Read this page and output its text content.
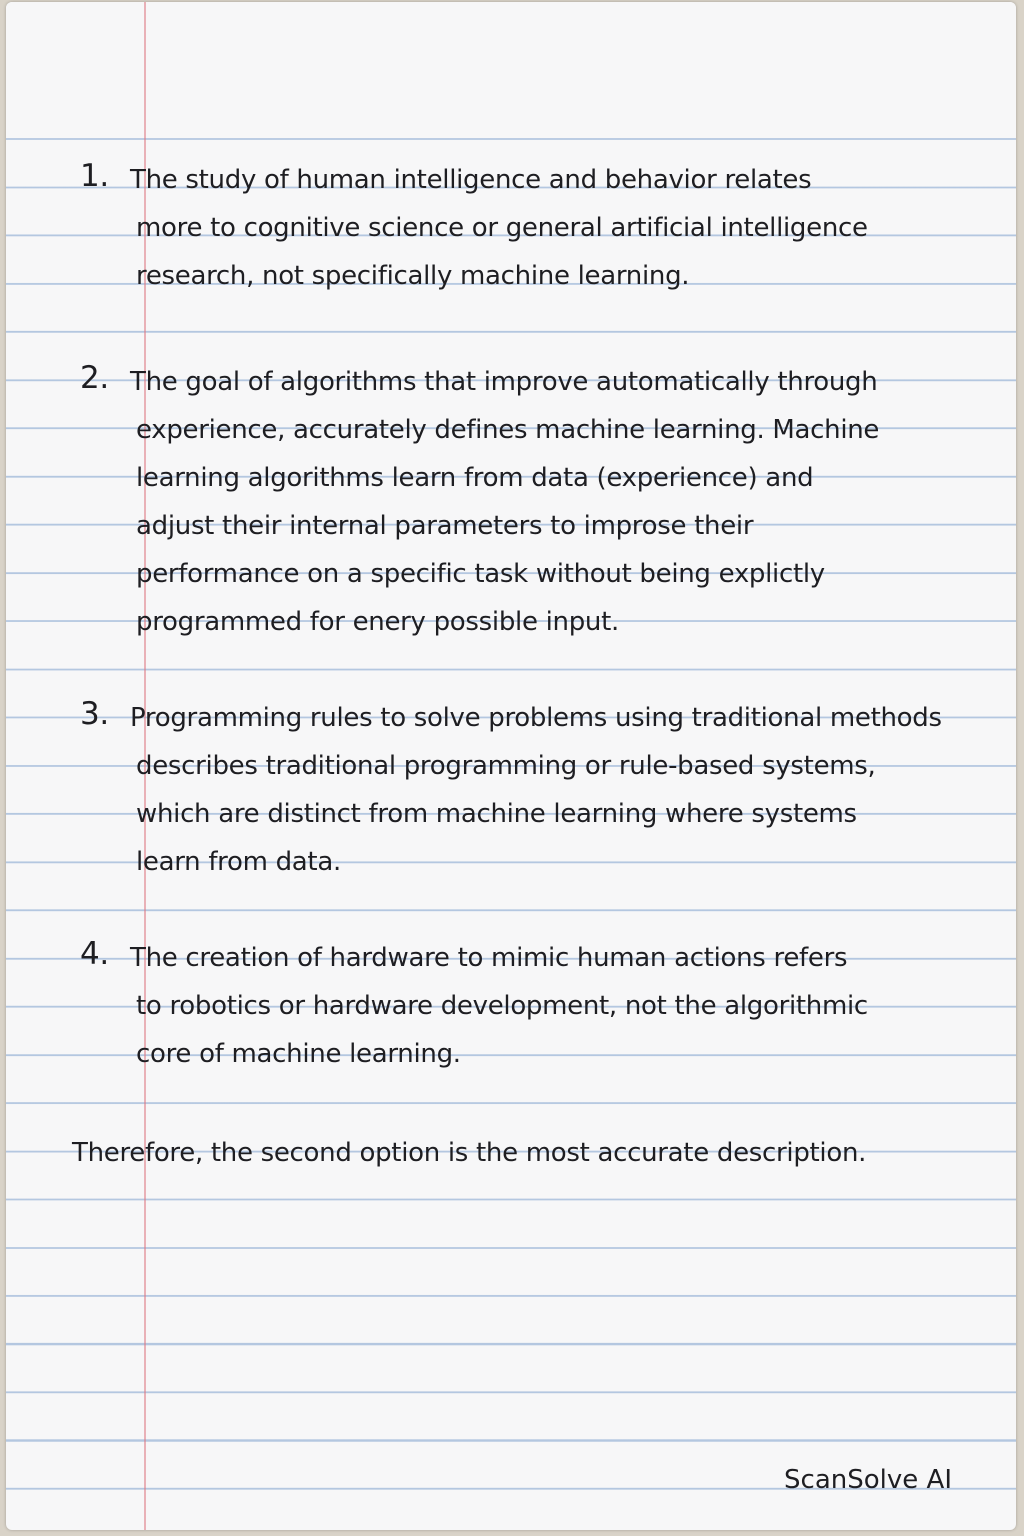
1. The study of human intelligence and behavior relates
more to cognitive science or general artificial intelligence
research, not specifically machine learning.
2. The goal of algorithms that improve automatically through
experience, accurately defines machine learning. Machine
learning algorithms learn from data (experience) and
adjust their internal parameters to improse their
performance on a specific task without being explictly
programmed for enery possible input.
3. Programming rules to solve problems using traditional methods
describes traditional programming or rule-based systems,
which are distinct from machine learning where systems
learn from data.
4. The creation of hardware to mimic human actions refers
to robotics or hardware development, not the algorithmic
core of machine learning.
Therefore, the second option is the most accurate description.
ScanSolve AI
